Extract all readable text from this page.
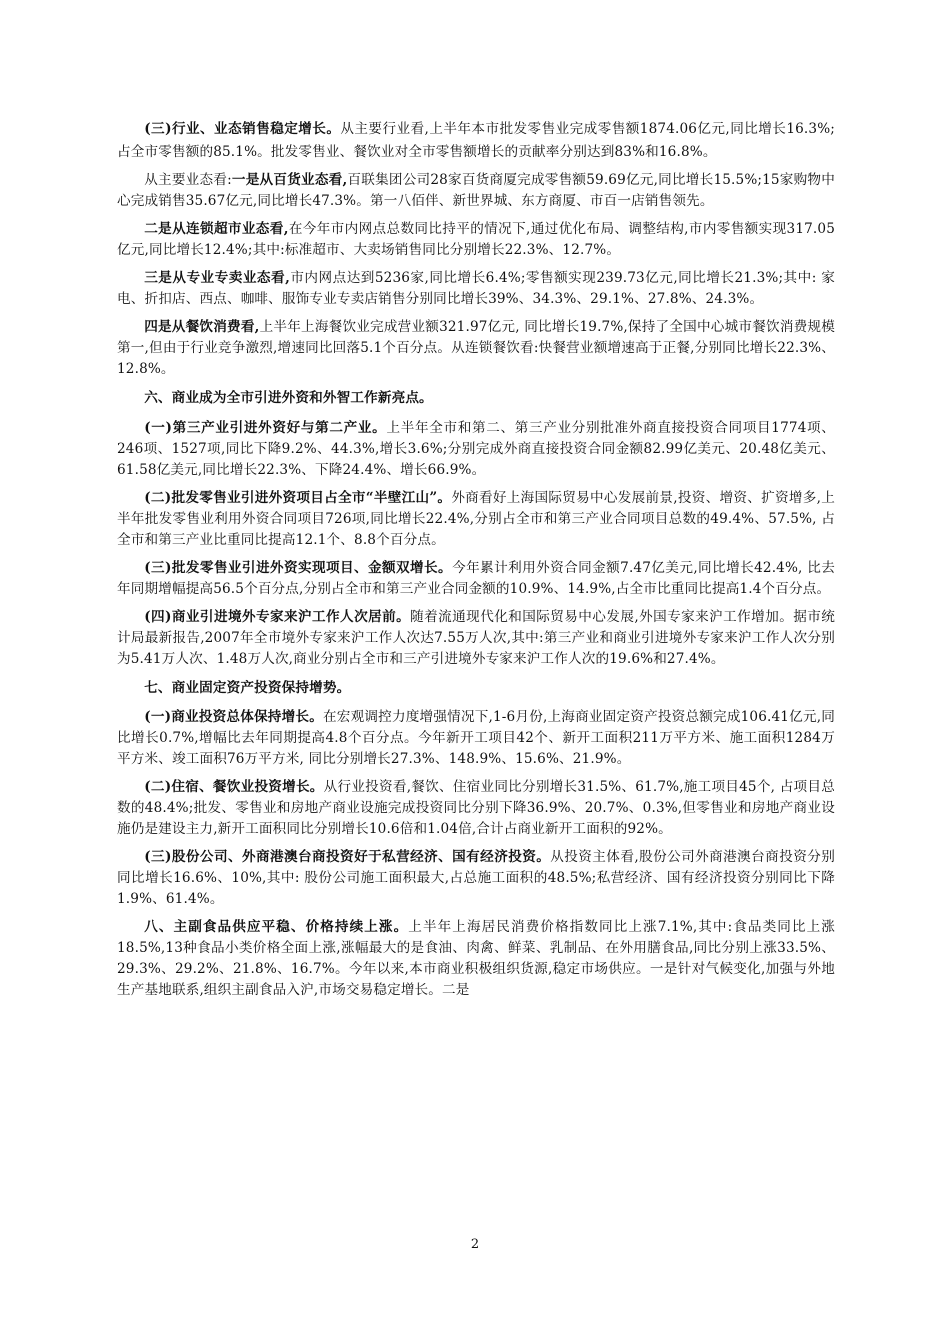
(三)行业、业态销售稳定增长。从主要行业看,上半年本市批发零售业完成零售额1874.06亿元,同比增长16.3%; 占全市零售额的85.1%。批发零售业、餐饮业对全市零售额增长的贡献率分别达到83%和16.8%。

从主要业态看:一是从百货业态看,百联集团公司28家百货商厦完成零售额59.69亿元,同比增长15.5%;15家购物中心完成销售35.67亿元,同比增长47.3%。第一八佰伴、新世界城、东方商厦、市百一店销售领先。

二是从连锁超市业态看,在今年市内网点总数同比持平的情况下,通过优化布局、调整结构,市内零售额实现317.05亿元,同比增长12.4%;其中:标准超市、大卖场销售同比分别增长22.3%、12.7%。

三是从专业专卖业态看,市内网点达到5236家,同比增长6.4%;零售额实现239.73亿元,同比增长21.3%;其中: 家电、折扣店、西点、咖啡、服饰专业专卖店销售分别同比增长39%、34.3%、29.1%、27.8%、24.3%。

四是从餐饮消费看,上半年上海餐饮业完成营业额321.97亿元, 同比增长19.7%,保持了全国中心城市餐饮消费规模第一,但由于行业竞争激烈,增速同比回落5.1个百分点。从连锁餐饮看:快餐营业额增速高于正餐,分别同比增长22.3%、12.8%。

六、商业成为全市引进外资和外智工作新亮点。

(一)第三产业引进外资好与第二产业。上半年全市和第二、第三产业分别批准外商直接投资合同项目1774项、246项、1527项,同比下降9.2%、44.3%,增长3.6%;分别完成外商直接投资合同金额82.99亿美元、20.48亿美元、61.58亿美元,同比增长22.3%、下降24.4%、增长66.9%。

(二)批发零售业引进外资项目占全市“半壁江山”。外商看好上海国际贸易中心发展前景,投资、增资、扩资增多,上半年批发零售业利用外资合同项目726项,同比增长22.4%,分别占全市和第三产业合同项目总数的49.4%、57.5%, 占全市和第三产业比重同比提高12.1个、8.8个百分点。

(三)批发零售业引进外资实现项目、金额双增长。今年累计利用外资合同金额7.47亿美元,同比增长42.4%, 比去年同期增幅提高56.5个百分点,分别占全市和第三产业合同金额的10.9%、14.9%,占全市比重同比提高1.4个百分点。

(四)商业引进境外专家来沪工作人次居前。随着流通现代化和国际贸易中心发展,外国专家来沪工作增加。据市统计局最新报告,2007年全市境外专家来沪工作人次达7.55万人次,其中:第三产业和商业引进境外专家来沪工作人次分别为5.41万人次、1.48万人次,商业分别占全市和三产引进境外专家来沪工作人次的19.6%和27.4%。

七、商业固定资产投资保持增势。

(一)商业投资总体保持增长。在宏观调控力度增强情况下,1-6月份,上海商业固定资产投资总额完成106.41亿元,同比增长0.7%,增幅比去年同期提高4.8个百分点。今年新开工项目42个、新开工面积211万平方米、施工面积1284万平方米、竣工面积76万平方米, 同比分别增长27.3%、148.9%、15.6%、21.9%。

(二)住宿、餐饮业投资增长。从行业投资看,餐饮、住宿业同比分别增长31.5%、61.7%,施工项目45个, 占项目总数的48.4%;批发、零售业和房地产商业设施完成投资同比分别下降36.9%、20.7%、0.3%,但零售业和房地产商业设施仍是建设主力,新开工面积同比分别增长10.6倍和1.04倍,合计占商业新开工面积的92%。

(三)股份公司、外商港澳台商投资好于私营经济、国有经济投资。从投资主体看,股份公司外商港澳台商投资分别同比增长16.6%、10%,其中: 股份公司施工面积最大,占总施工面积的48.5%;私营经济、国有经济投资分别同比下降1.9%、61.4%。

八、主副食品供应平稳、价格持续上涨。上半年上海居民消费价格指数同比上涨7.1%,其中:食品类同比上涨18.5%,13种食品小类价格全面上涨,涨幅最大的是食油、肉禽、鲜菜、乳制品、在外用膳食品,同比分别上涨33.5%、29.3%、29.2%、21.8%、16.7%。今年以来,本市商业积极组织货源,稳定市场供应。一是针对气候变化,加强与外地生产基地联系,组织主副食品入沪,市场交易稳定增长。二是

2
